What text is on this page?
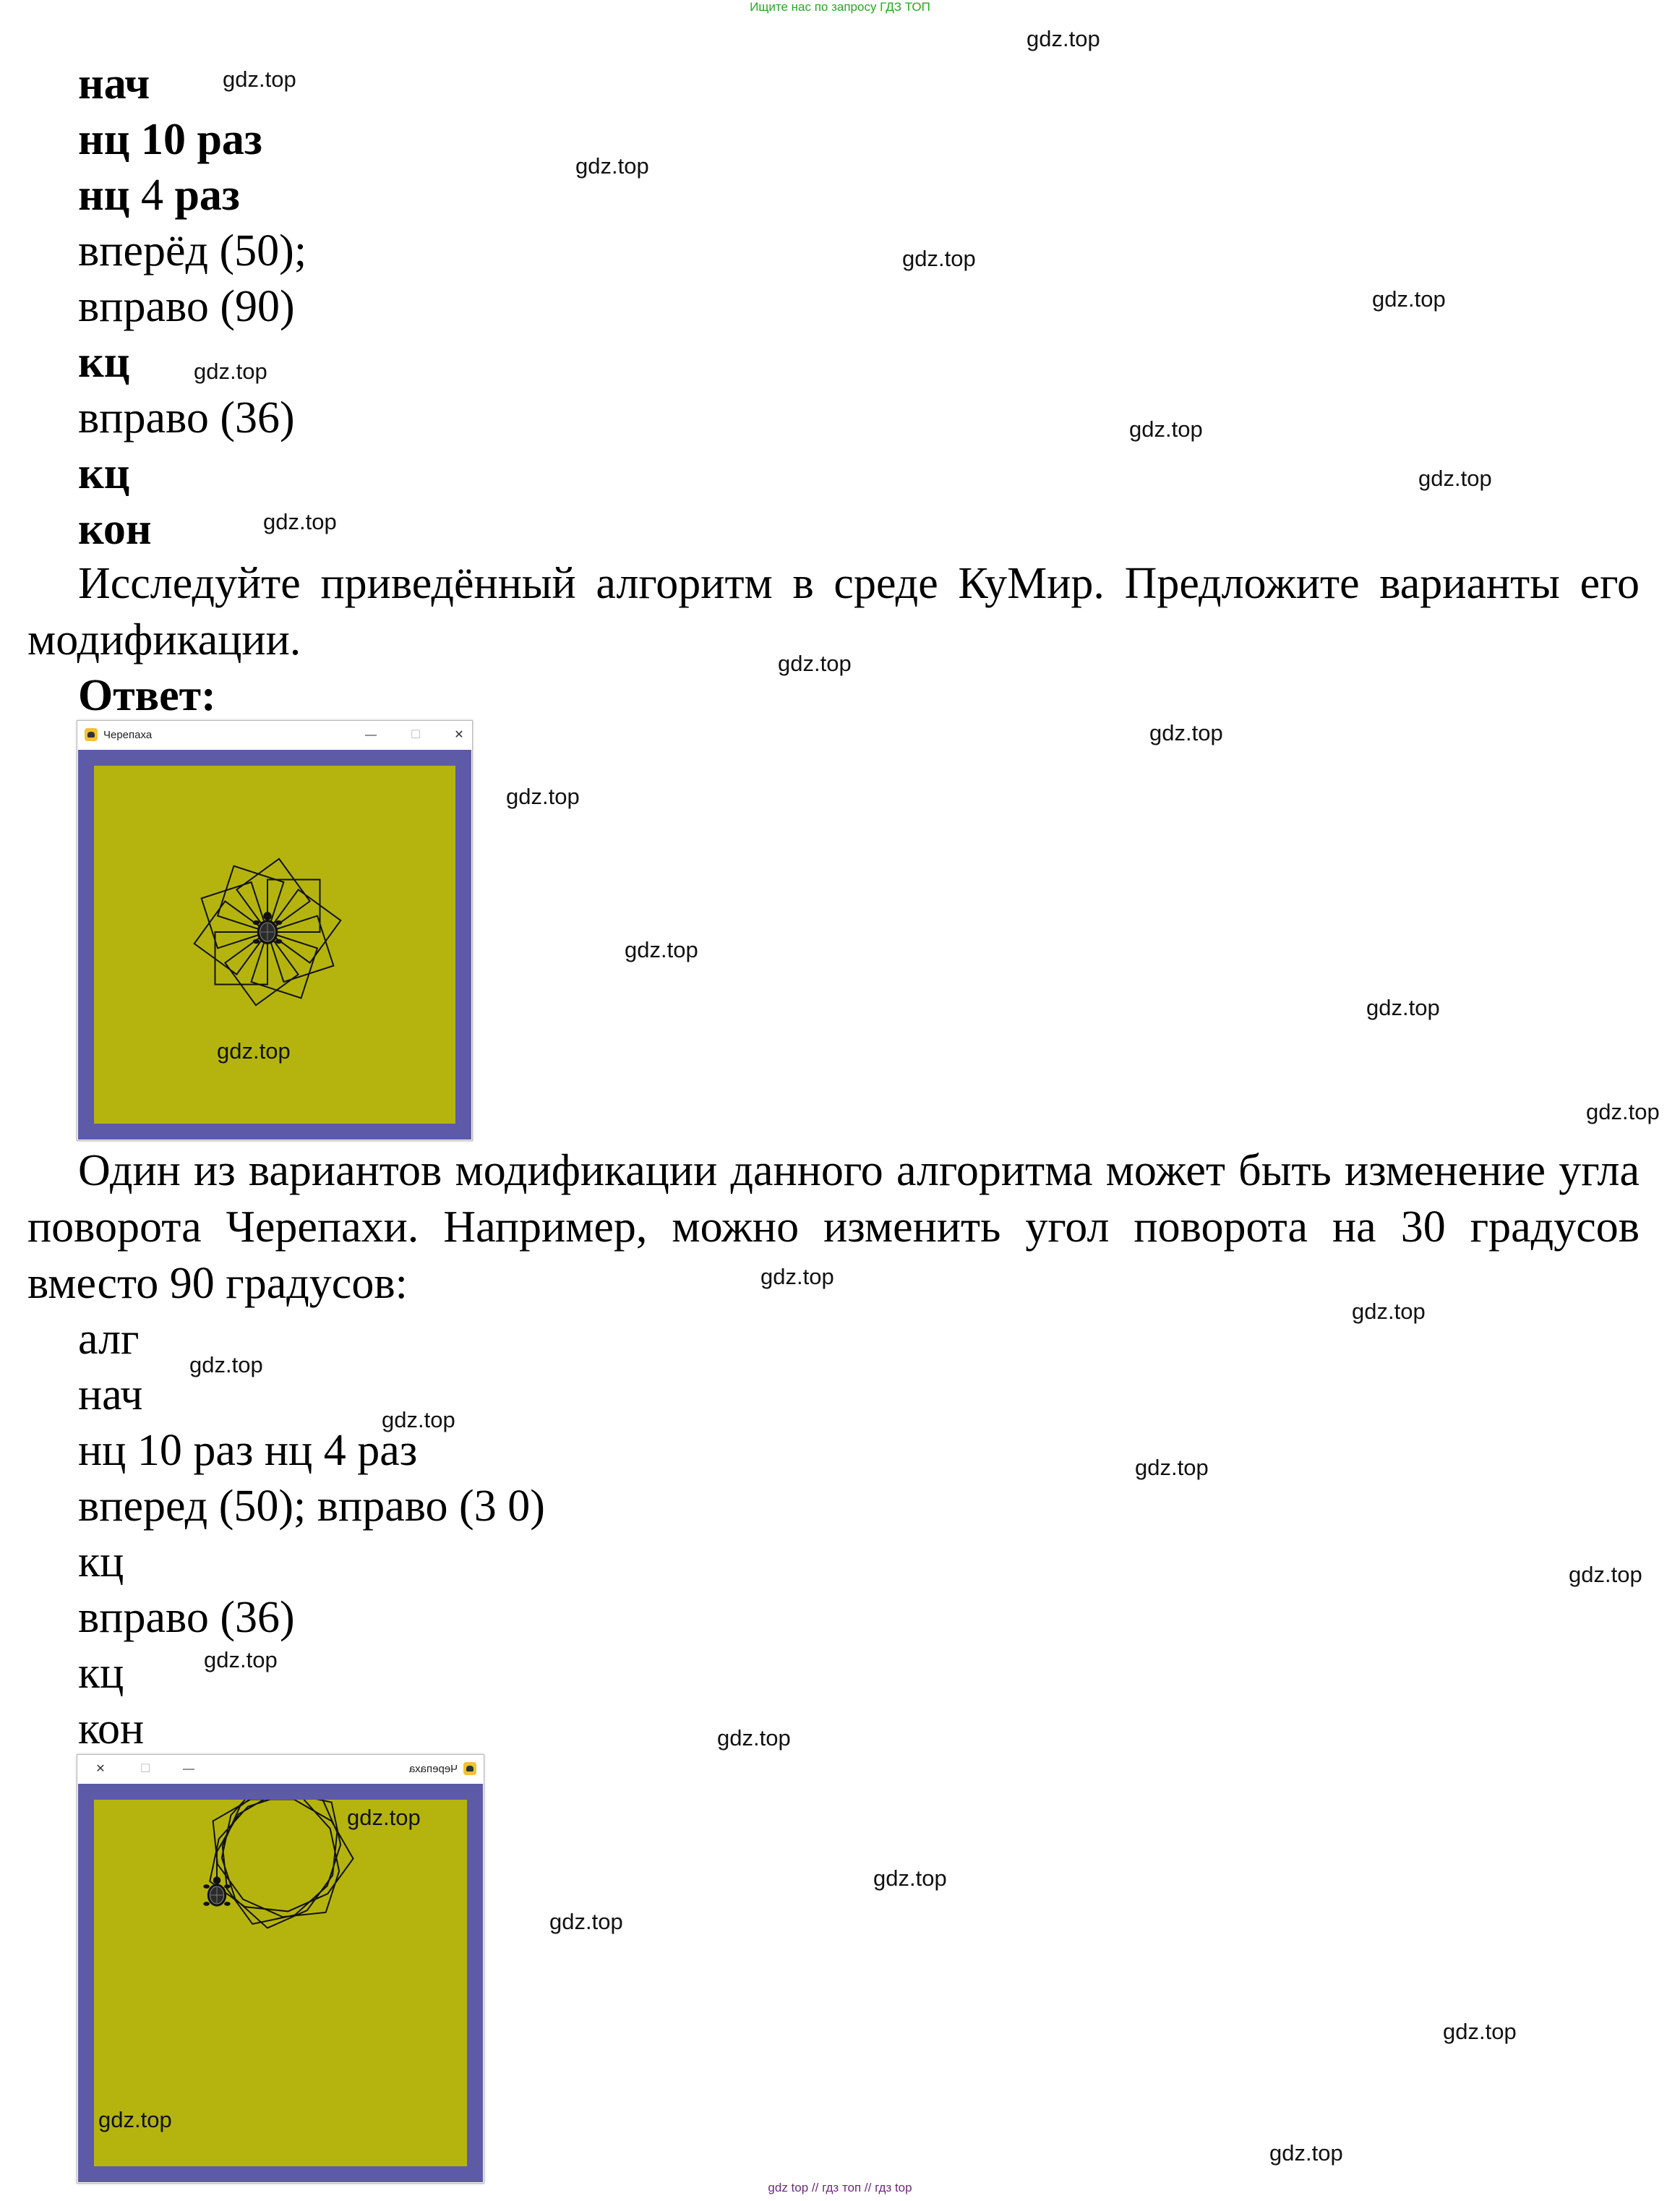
Ищите нас по запросу ГДЗ ТОП
нач
нц 10 раз
нц 4 раз
вперёд (50);
вправо (90)
кц
вправо (36)
кц
кон
Исследуйте приведённый алгоритм в среде КуМир. Предложите варианты его модификации.
Ответ:
Черепаха	—	☐	✕
Один из вариантов модификации данного алгоритма может быть изменение угла поворота Черепахи. Например, можно изменить угол поворота на 30 градусов вместо 90 градусов:
алг
нач
нц 10 раз нц 4 раз
вперед (50); вправо (3 0)
кц
вправо (36)
кц
кон
✕	☐	—	Черепаха
gdz.top
gdz.top
gdz.top
gdz.top
gdz.top
gdz.top
gdz.top
gdz.top
gdz.top
gdz.top
gdz.top
gdz.top
gdz.top
gdz.top
gdz.top
gdz.top
gdz.top
gdz.top
gdz.top
gdz.top
gdz.top
gdz.top
gdz.top
gdz.top
gdz.top
gdz.top
gdz.top
gdz.top
gdz.top
gdz.top
gdz top // гдз топ // гдз top
